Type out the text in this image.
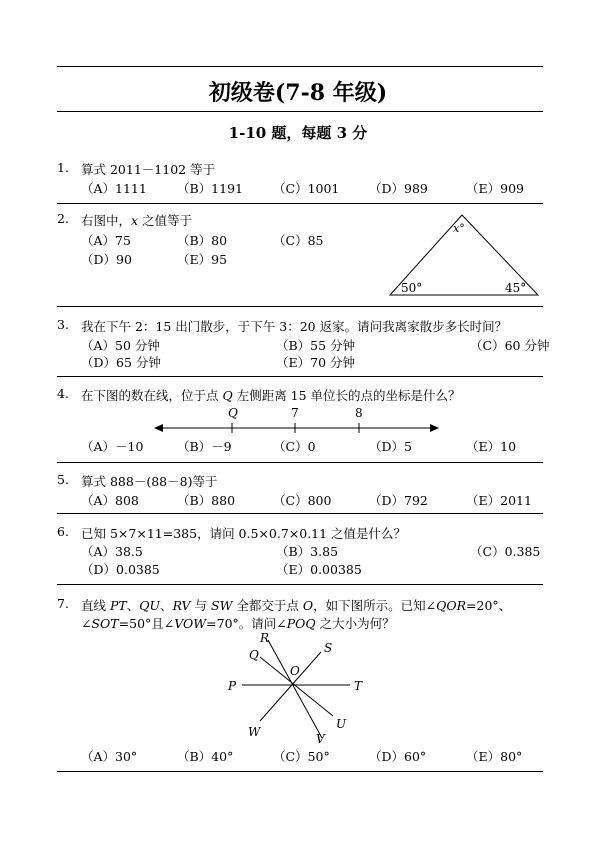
初级卷(7-8 年级)
1-10 题，每题 3 分
1. 算式 2011－1102 等于
（A）1111 （B）1191 （C）1001 （D）989	（E）909
2. 右图中，x 之值等于
（A）75	（B）80	（C）85
（D）90	（E）95
x°
50°	45°
3. 我在下午 2：15 出门散步，于下午 3：20 返家。请问我离家散步多长时间？
（A）50 分钟	（B）55 分钟	（C）60 分钟
（D）65 分钟	（E）70 分钟
4. 在下图的数在线，位于点 Q 左侧距离 15 单位长的点的坐标是什么？
（A）－10	（B）－9	（C）0	（D）5	（E）10
Q	7	8
5. 算式 888－(88－8)等于
（A）808	（B）880	（C）800	（D）792	（E）2011
6. 已知 5×7×11=385，请问 0.5×0.7×0.11 之值是什么？
（A）38.5	（B）3.85	（C）0.385
（D）0.0385	（E）0.00385
7. 直线 PT、QU、RV 与 SW 全都交于点 O，如下图所示。已知∠QOR=20°、
∠SOT=50°且∠VOW=70°。请问∠POQ 之大小为何？
（A）30°	（B）40°	（C）50°	（D）60°	（E）80°
R
S
Q
O
P	T
U
W	V
